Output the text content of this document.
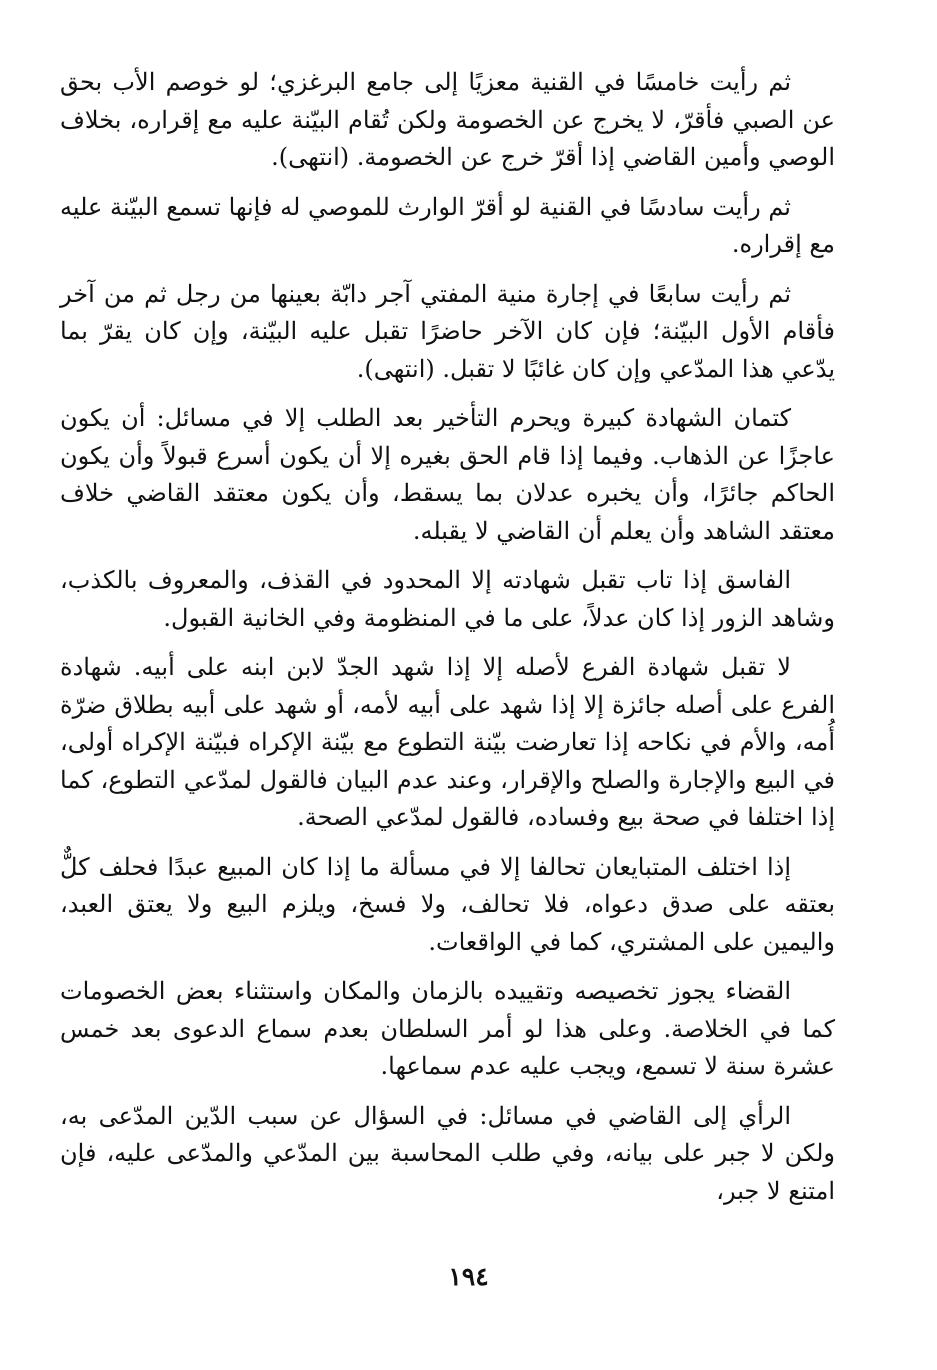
ثم رأيت خامسًا في القنية معزيًا إلى جامع البرغزي؛ لو خوصم الأب بحق عن الصبي فأقرّ، لا يخرج عن الخصومة ولكن تُقام البيّنة عليه مع إقراره، بخلاف الوصي وأمين القاضي إذا أقرّ خرج عن الخصومة. (انتهى).

ثم رأيت سادسًا في القنية لو أقرّ الوارث للموصي له فإنها تسمع البيّنة عليه مع إقراره.

ثم رأيت سابعًا في إجارة منية المفتي آجر دابّة بعينها من رجل ثم من آخر فأقام الأول البيّنة؛ فإن كان الآخر حاضرًا تقبل عليه البيّنة، وإن كان يقرّ بما يدّعي هذا المدّعي وإن كان غائبًا لا تقبل. (انتهى).

كتمان الشهادة كبيرة ويحرم التأخير بعد الطلب إلا في مسائل: أن يكون عاجزًا عن الذهاب. وفيما إذا قام الحق بغيره إلا أن يكون أسرع قبولاً وأن يكون الحاكم جائرًا، وأن يخبره عدلان بما يسقط، وأن يكون معتقد القاضي خلاف معتقد الشاهد وأن يعلم أن القاضي لا يقبله.

الفاسق إذا تاب تقبل شهادته إلا المحدود في القذف، والمعروف بالكذب، وشاهد الزور إذا كان عدلاً، على ما في المنظومة وفي الخانية القبول.

لا تقبل شهادة الفرع لأصله إلا إذا شهد الجدّ لابن ابنه على أبيه. شهادة الفرع على أصله جائزة إلا إذا شهد على أبيه لأمه، أو شهد على أبيه بطلاق ضرّة أُمه، والأم في نكاحه إذا تعارضت بيّنة التطوع مع بيّنة الإكراه فبيّنة الإكراه أولى، في البيع والإجارة والصلح والإقرار، وعند عدم البيان فالقول لمدّعي التطوع، كما إذا اختلفا في صحة بيع وفساده، فالقول لمدّعي الصحة.

إذا اختلف المتبايعان تحالفا إلا في مسألة ما إذا كان المبيع عبدًا فحلف كلٌّ بعتقه على صدق دعواه، فلا تحالف، ولا فسخ، ويلزم البيع ولا يعتق العبد، واليمين على المشتري، كما في الواقعات.

القضاء يجوز تخصيصه وتقييده بالزمان والمكان واستثناء بعض الخصومات كما في الخلاصة. وعلى هذا لو أمر السلطان بعدم سماع الدعوى بعد خمس عشرة سنة لا تسمع، ويجب عليه عدم سماعها.

الرأي إلى القاضي في مسائل: في السؤال عن سبب الدّين المدّعى به، ولكن لا جبر على بيانه، وفي طلب المحاسبة بين المدّعي والمدّعى عليه، فإن امتنع لا جبر،

١٩٤
